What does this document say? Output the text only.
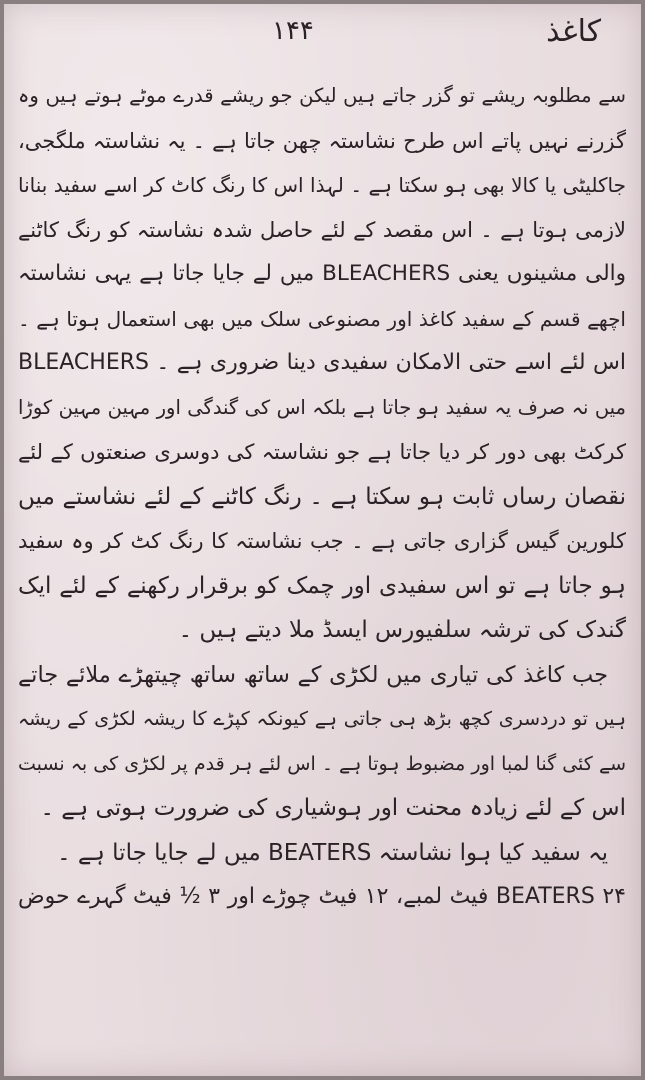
۱۴۴	کاغذ
سے مطلوبہ ریشے تو گزر جاتے ہیں لیکن جو ریشے قدرے موٹے ہوتے ہیں وہ
گزرنے نہیں پاتے اس طرح نشاستہ چھن جاتا ہے ۔ یہ نشاستہ ملگجی،
جاکلیٹی یا کالا بھی ہو سکتا ہے ۔ لہذا اس کا رنگ کاٹ کر اسے سفید بنانا
لازمی ہوتا ہے ۔ اس مقصد کے لئے حاصل شدہ نشاستہ کو رنگ کاٹنے
والی مشینوں یعنی BLEACHERS میں لے جایا جاتا ہے یہی نشاستہ
اچھے قسم کے سفید کاغذ اور مصنوعی سلک میں بھی استعمال ہوتا ہے ۔
اس لئے اسے حتی الامکان سفیدی دینا ضروری ہے ۔ BLEACHERS
میں نہ صرف یہ سفید ہو جاتا ہے بلکہ اس کی گندگی اور مہین مہین کوڑا
کرکٹ بھی دور کر دیا جاتا ہے جو نشاستہ کی دوسری صنعتوں کے لئے
نقصان رساں ثابت ہو سکتا ہے ۔ رنگ کاٹنے کے لئے نشاستے میں
کلورین گیس گزاری جاتی ہے ۔ جب نشاستہ کا رنگ کٹ کر وہ سفید
ہو جاتا ہے تو اس سفیدی اور چمک کو برقرار رکھنے کے لئے ایک
گندک کی ترشہ سلفیورس ایسڈ ملا دیتے ہیں ۔
جب کاغذ کی تیاری میں لکڑی کے ساتھ ساتھ چیتھڑے ملائے جاتے
ہیں تو دردسری کچھ بڑھ ہی جاتی ہے کیونکہ کپڑے کا ریشہ لکڑی کے ریشہ
سے کئی گنا لمبا اور مضبوط ہوتا ہے ۔ اس لئے ہر قدم پر لکڑی کی بہ نسبت
اس کے لئے زیادہ محنت اور ہوشیاری کی ضرورت ہوتی ہے ۔
یہ سفید کیا ہوا نشاستہ BEATERS میں لے جایا جاتا ہے ۔
BEATERS ۲۴ فیٹ لمبے، ۱۲ فیٹ چوڑے اور ۳ ½ فیٹ گہرے حوض
